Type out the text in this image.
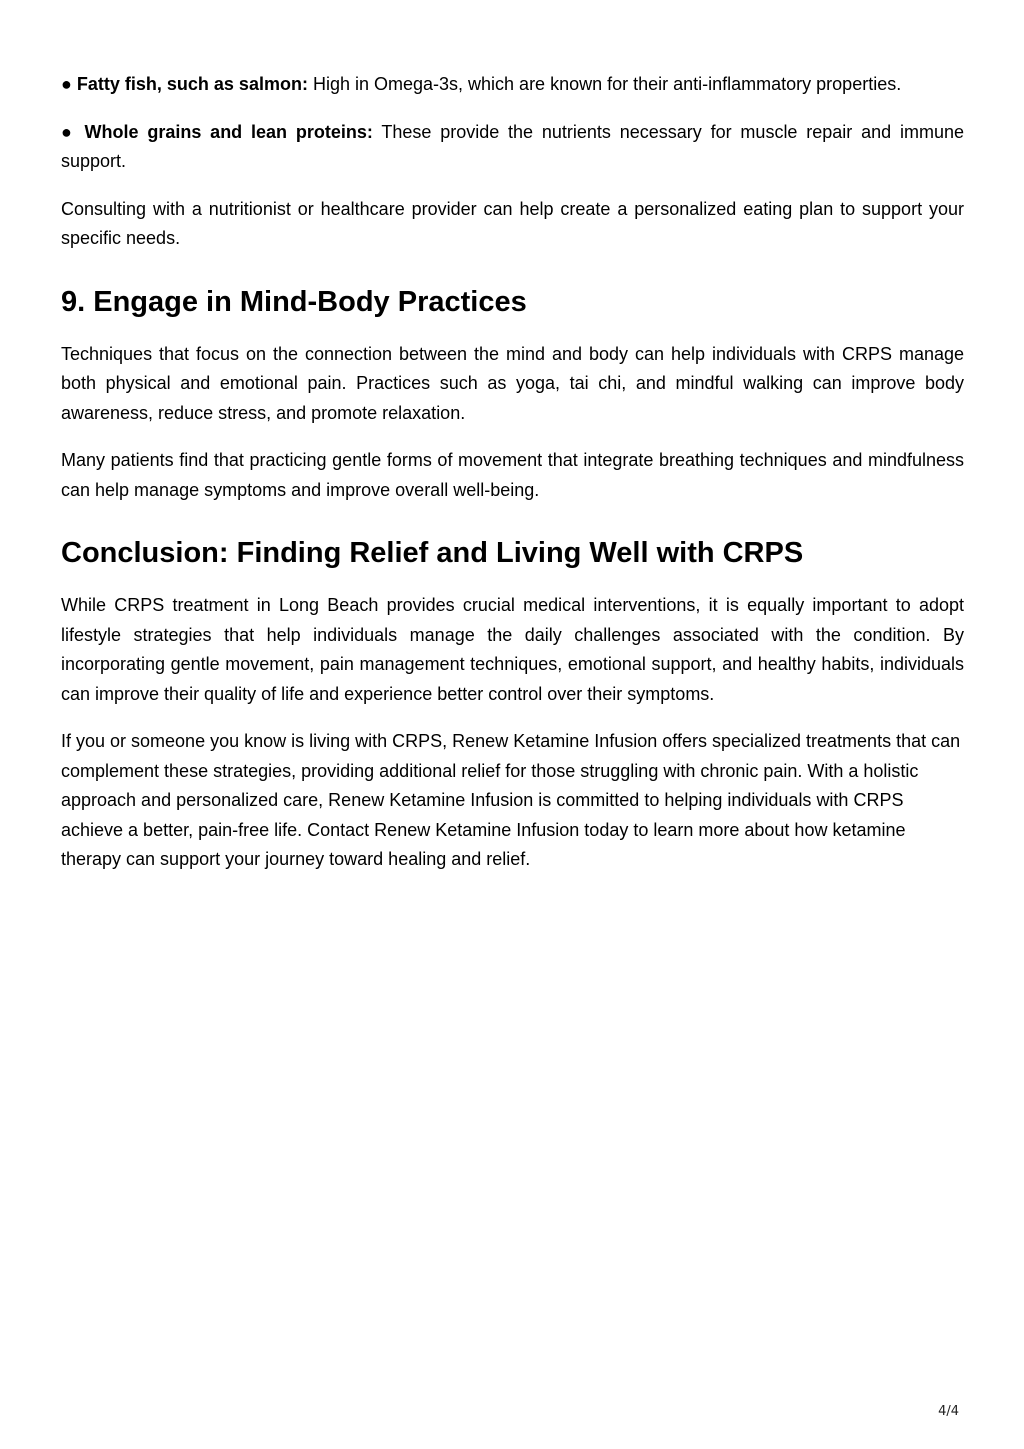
● Fatty fish, such as salmon: High in Omega-3s, which are known for their anti-inflammatory properties.

● Whole grains and lean proteins: These provide the nutrients necessary for muscle repair and immune support.

Consulting with a nutritionist or healthcare provider can help create a personalized eating plan to support your specific needs.

9. Engage in Mind-Body Practices

Techniques that focus on the connection between the mind and body can help individuals with CRPS manage both physical and emotional pain. Practices such as yoga, tai chi, and mindful walking can improve body awareness, reduce stress, and promote relaxation.

Many patients find that practicing gentle forms of movement that integrate breathing techniques and mindfulness can help manage symptoms and improve overall well-being.

Conclusion: Finding Relief and Living Well with CRPS

While CRPS treatment in Long Beach provides crucial medical interventions, it is equally important to adopt lifestyle strategies that help individuals manage the daily challenges associated with the condition. By incorporating gentle movement, pain management techniques, emotional support, and healthy habits, individuals can improve their quality of life and experience better control over their symptoms.

If you or someone you know is living with CRPS, Renew Ketamine Infusion offers specialized treatments that can complement these strategies, providing additional relief for those struggling with chronic pain. With a holistic approach and personalized care, Renew Ketamine Infusion is committed to helping individuals with CRPS achieve a better, pain-free life. Contact Renew Ketamine Infusion today to learn more about how ketamine therapy can support your journey toward healing and relief.

4/4
